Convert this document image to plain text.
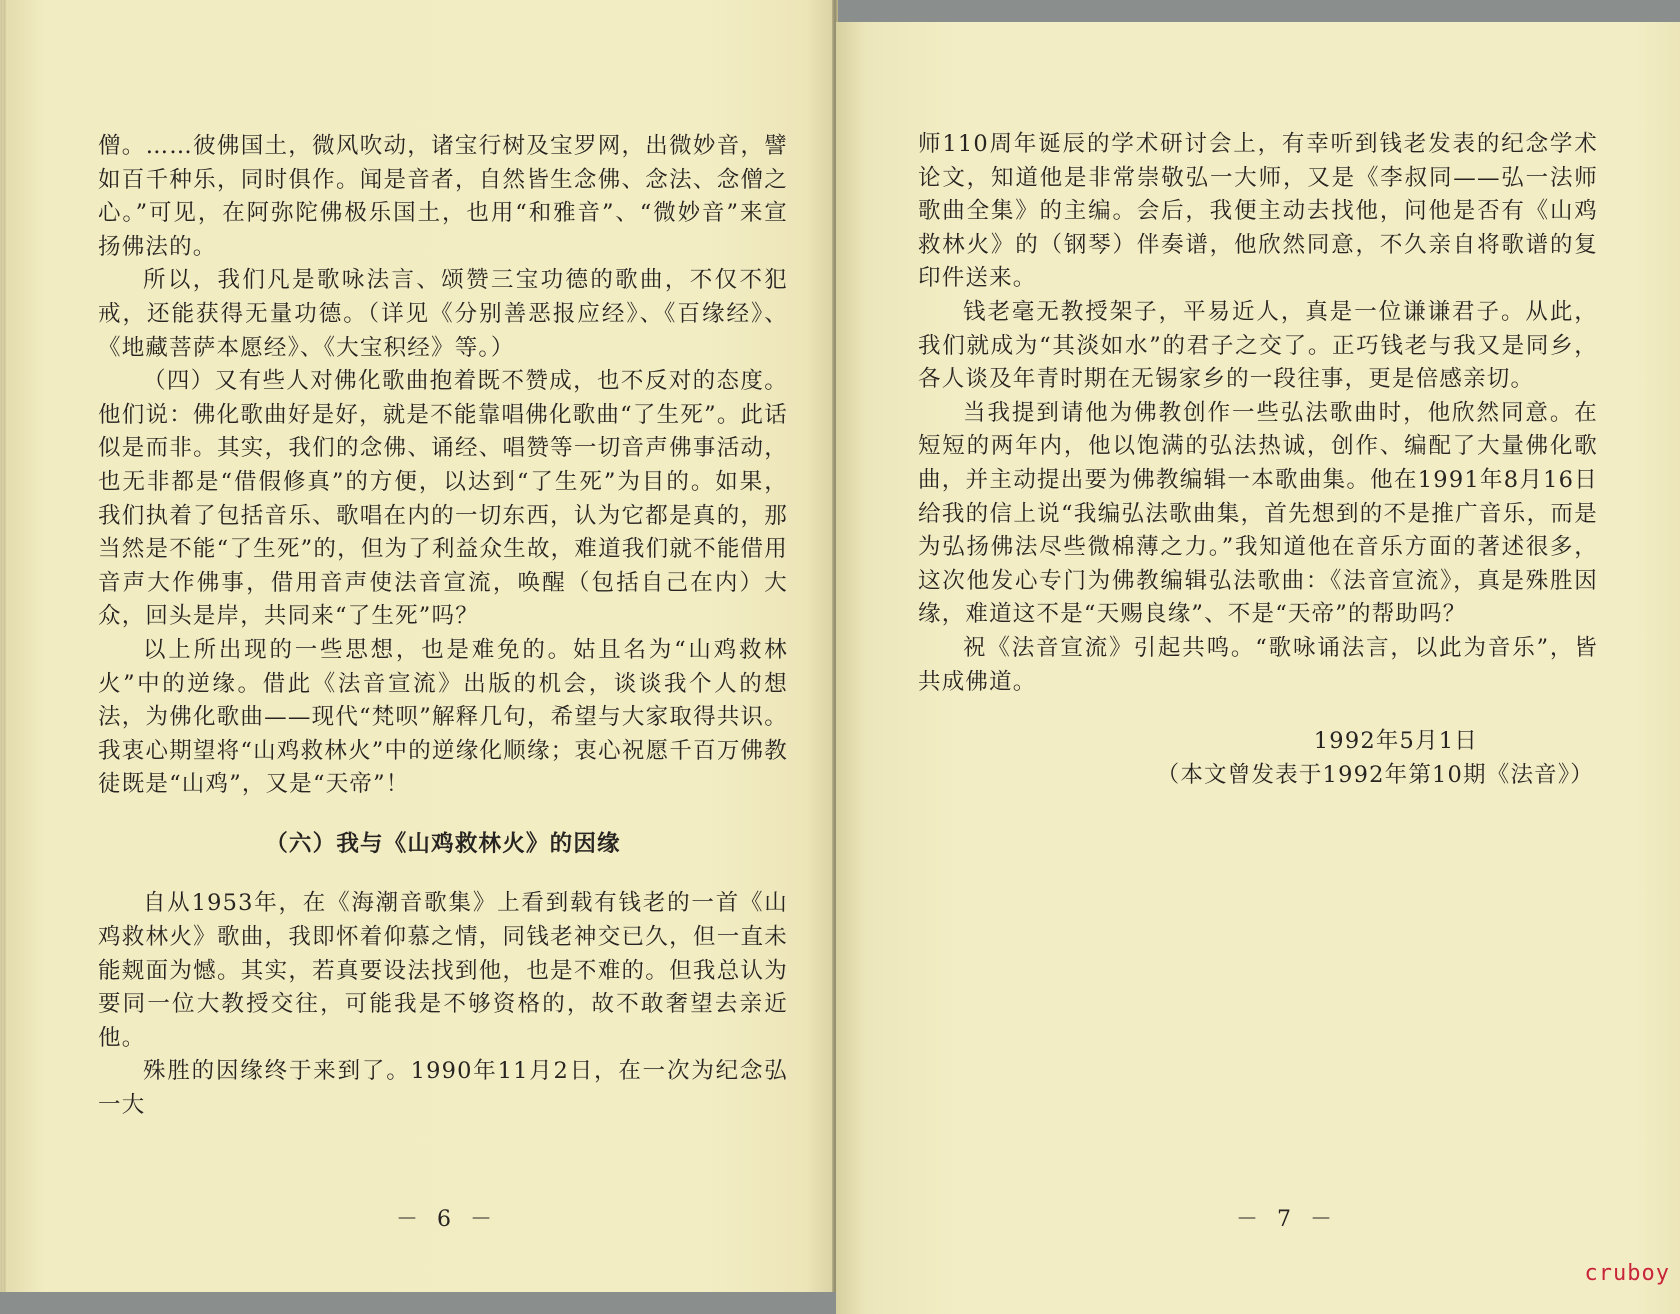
僧。……彼佛国土，微风吹动，诸宝行树及宝罗网，出微妙音，譬如百千种乐，同时俱作。闻是音者，自然皆生念佛、念法、念僧之心。”可见，在阿弥陀佛极乐国土，也用“和雅音”、“微妙音”来宣扬佛法的。

所以，我们凡是歌咏法言、颂赞三宝功德的歌曲，不仅不犯戒，还能获得无量功德。（详见《分别善恶报应经》、《百缘经》、《地藏菩萨本愿经》、《大宝积经》等。）

（四）又有些人对佛化歌曲抱着既不赞成，也不反对的态度。他们说：佛化歌曲好是好，就是不能靠唱佛化歌曲“了生死”。此话似是而非。其实，我们的念佛、诵经、唱赞等一切音声佛事活动，也无非都是“借假修真”的方便，以达到“了生死”为目的。如果，我们执着了包括音乐、歌唱在内的一切东西，认为它都是真的，那当然是不能“了生死”的，但为了利益众生故，难道我们就不能借用音声大作佛事，借用音声使法音宣流，唤醒（包括自己在内）大众，回头是岸，共同来“了生死”吗？

以上所出现的一些思想，也是难免的。姑且名为“山鸡救林火”中的逆缘。借此《法音宣流》出版的机会，谈谈我个人的想法，为佛化歌曲——现代“梵呗”解释几句，希望与大家取得共识。我衷心期望将“山鸡救林火”中的逆缘化顺缘；衷心祝愿千百万佛教徒既是“山鸡”，又是“天帝”！

（六）我与《山鸡救林火》的因缘

自从1953年，在《海潮音歌集》上看到载有钱老的一首《山鸡救林火》歌曲，我即怀着仰慕之情，同钱老神交已久，但一直未能觌面为憾。其实，若真要设法找到他，也是不难的。但我总认为要同一位大教授交往，可能我是不够资格的，故不敢奢望去亲近他。

殊胜的因缘终于来到了。1990年11月2日，在一次为纪念弘一大

－ 6 －

师110周年诞辰的学术研讨会上，有幸听到钱老发表的纪念学术论文，知道他是非常崇敬弘一大师，又是《李叔同——弘一法师歌曲全集》的主编。会后，我便主动去找他，问他是否有《山鸡救林火》的（钢琴）伴奏谱，他欣然同意，不久亲自将歌谱的复印件送来。

钱老毫无教授架子，平易近人，真是一位谦谦君子。从此，我们就成为“其淡如水”的君子之交了。正巧钱老与我又是同乡，各人谈及年青时期在无锡家乡的一段往事，更是倍感亲切。

当我提到请他为佛教创作一些弘法歌曲时，他欣然同意。在短短的两年内，他以饱满的弘法热诚，创作、编配了大量佛化歌曲，并主动提出要为佛教编辑一本歌曲集。他在1991年8月16日给我的信上说“我编弘法歌曲集，首先想到的不是推广音乐，而是为弘扬佛法尽些微棉薄之力。”我知道他在音乐方面的著述很多，这次他发心专门为佛教编辑弘法歌曲：《法音宣流》，真是殊胜因缘，难道这不是“天赐良缘”、不是“天帝”的帮助吗？

祝《法音宣流》引起共鸣。“歌咏诵法言，以此为音乐”，皆共成佛道。

1992年5月1日

（本文曾发表于1992年第10期《法音》）

－ 7 －
cruboy
